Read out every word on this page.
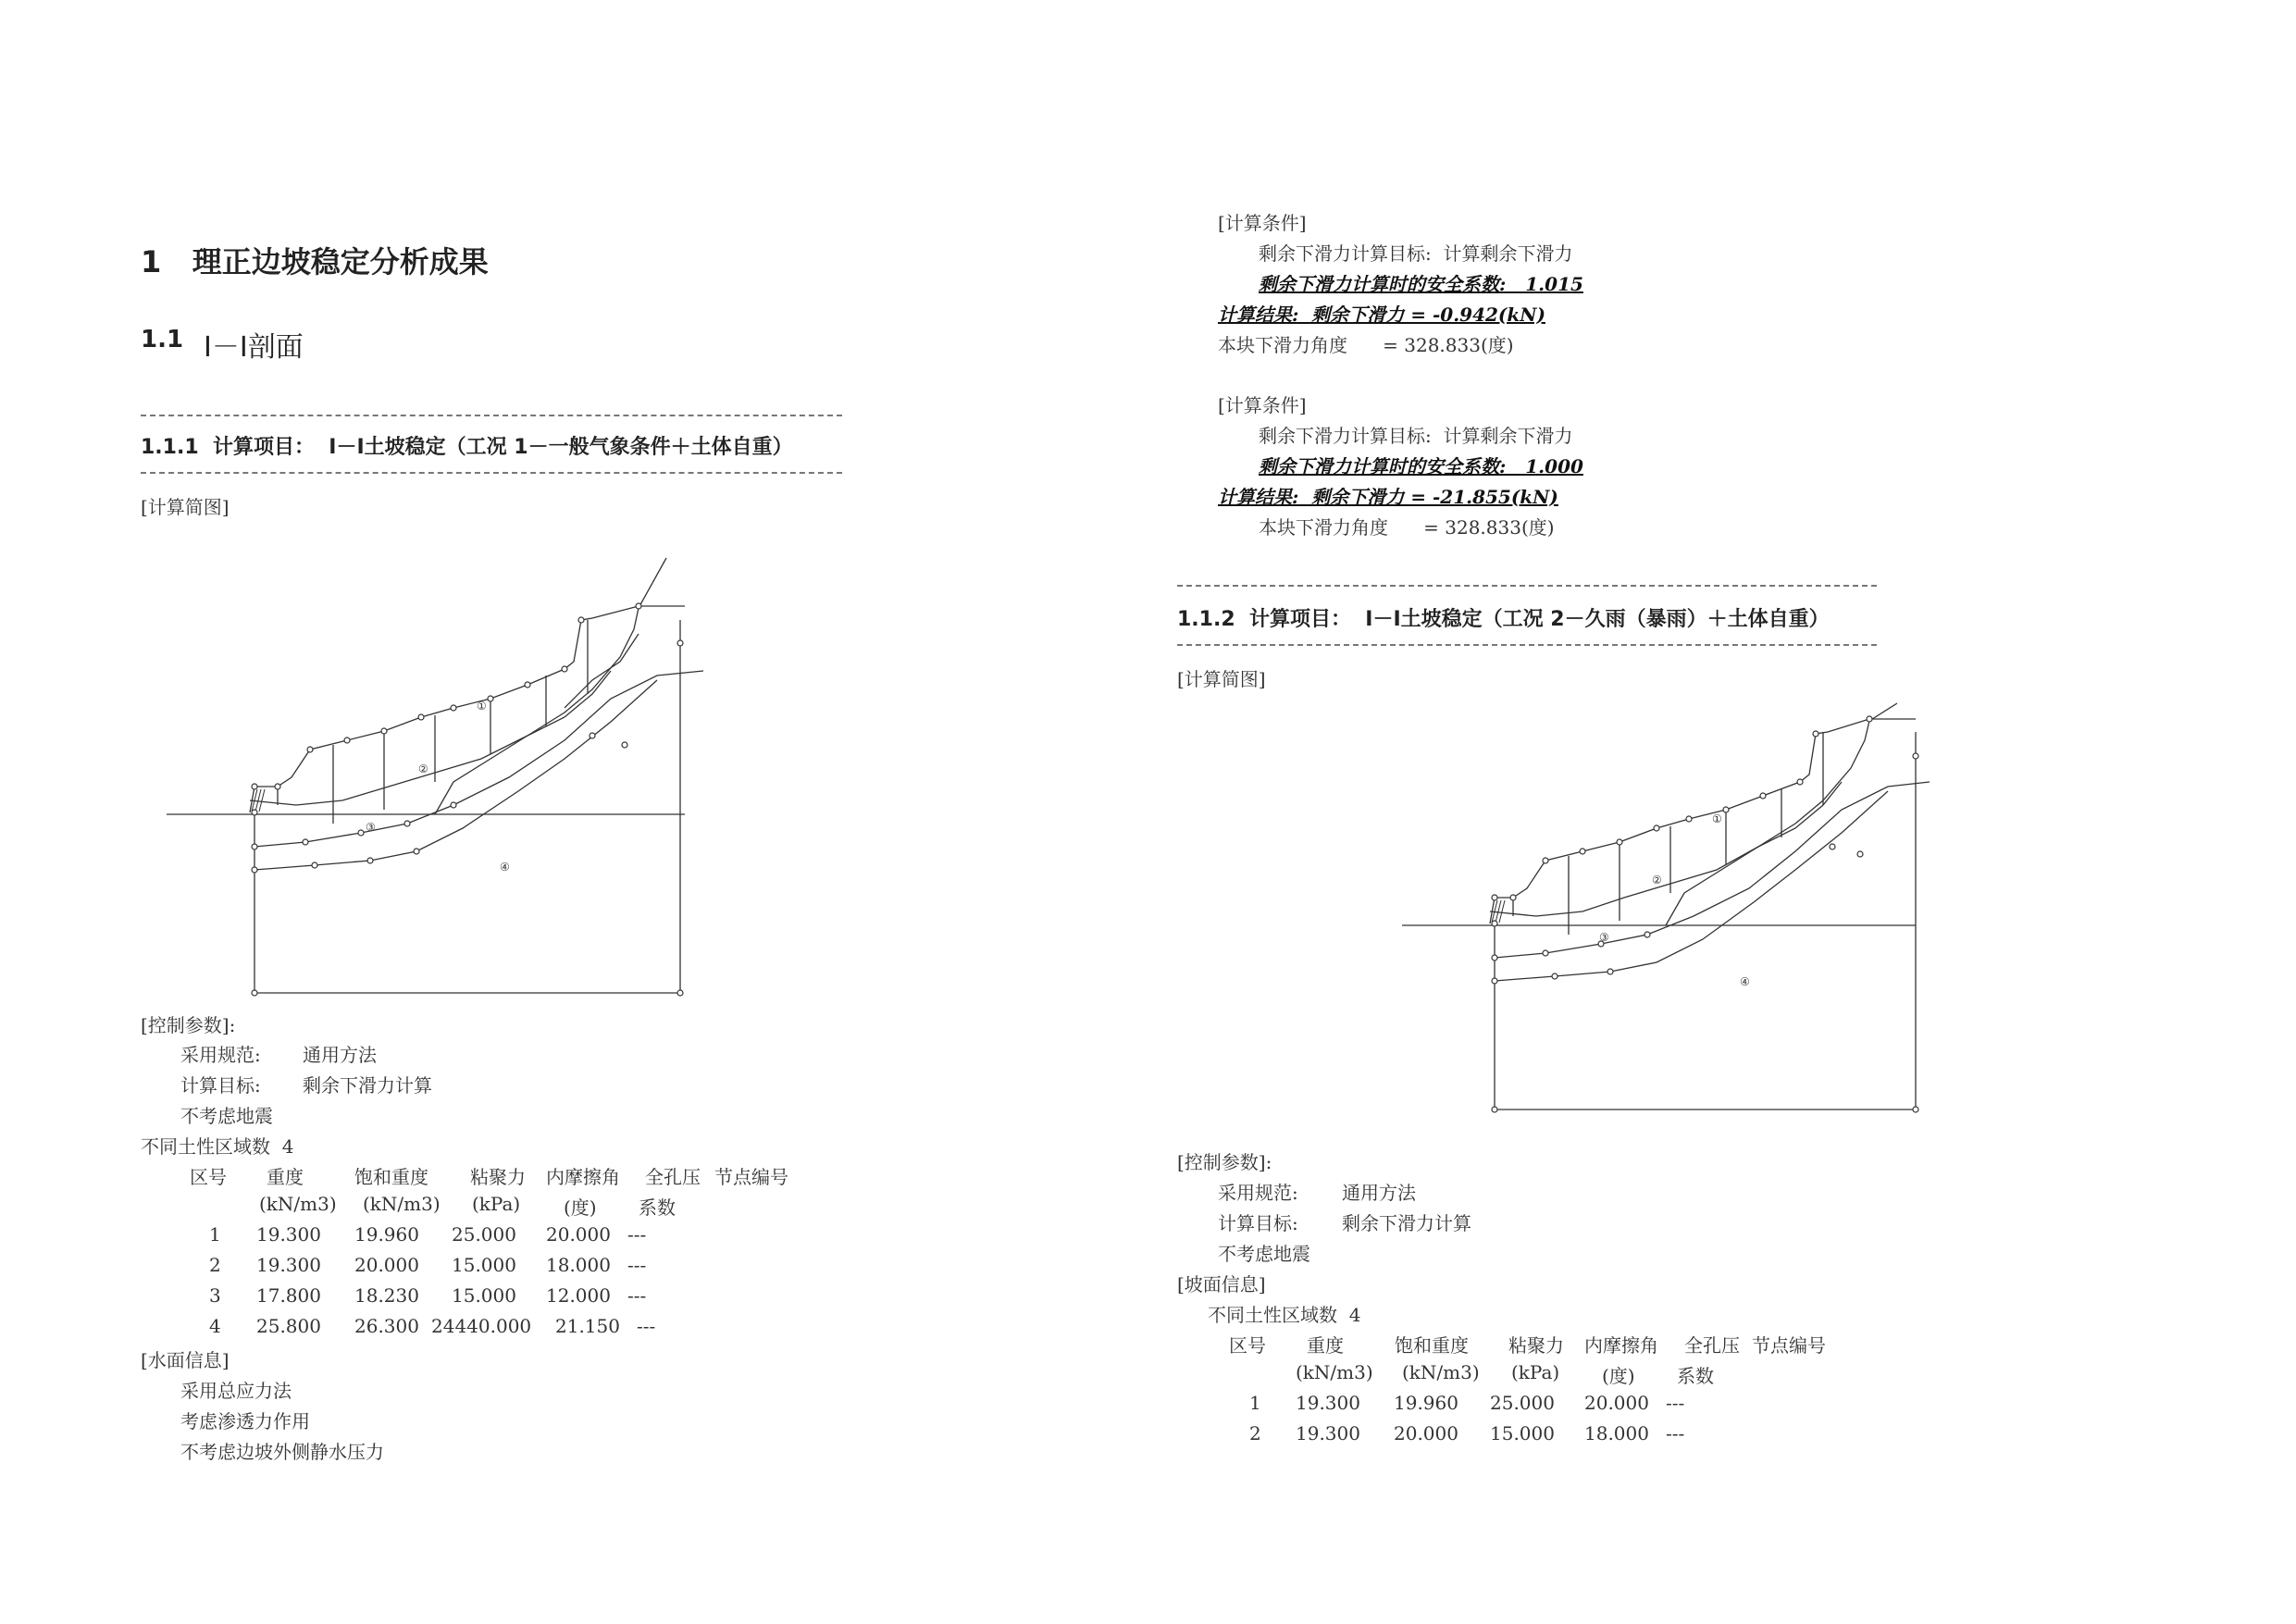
1   理正边坡稳定分析成果
1.1 Ⅰ－Ⅰ剖面
1.1.1  计算项目：  Ⅰ－Ⅰ土坡稳定（工况 1－一般气象条件＋土体自重）
[计算简图]
①
②
③
④
[控制参数]:
采用规范: 通用方法
计算目标: 剩余下滑力计算
不考虑地震
不同土性区域数  4
区号 重度	饱和重度 粘聚力 内摩擦角 全孔压 节点编号
(kN/m3) (kN/m3) (kPa) (度) 系数
1 19.300 19.960 25.000 20.000 ---
2 19.300 20.000 15.000 18.000 ---
3 17.800 18.230 15.000 12.000 ---
4 25.800 26.300 24440.000 21.150 ---
[水面信息]
采用总应力法
考虑渗透力作用
不考虑边坡外侧静水压力
[计算条件]
剩余下滑力计算目标:  计算剩余下滑力
剩余下滑力计算时的安全系数:   1.015
计算结果:  剩余下滑力 = -0.942(kN)
本块下滑力角度      = 328.833(度)
[计算条件]
剩余下滑力计算目标:  计算剩余下滑力
剩余下滑力计算时的安全系数:   1.000
计算结果:  剩余下滑力 = -21.855(kN)
本块下滑力角度      = 328.833(度)
1.1.2  计算项目：  Ⅰ－Ⅰ土坡稳定（工况 2－久雨（暴雨）＋土体自重）
[计算简图]
①
②
③
④
[控制参数]:
采用规范: 通用方法
计算目标: 剩余下滑力计算
不考虑地震
[坡面信息]
不同土性区域数  4
区号 重度	饱和重度 粘聚力 内摩擦角 全孔压 节点编号
(kN/m3) (kN/m3) (kPa) (度) 系数
1 19.300 19.960 25.000 20.000 ---
2 19.300 20.000 15.000 18.000 ---
